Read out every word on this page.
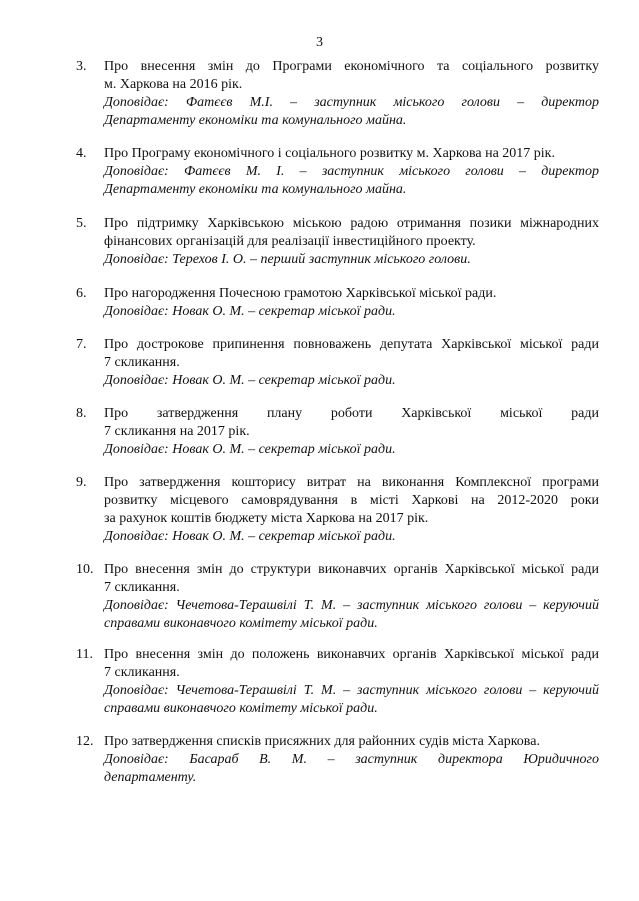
3
3.	Про внесення змін до Програми економічного та соціального розвитку
м. Харкова на 2016 рік.
Доповідає: Фатєєв М.І. – заступник міського голови – директор
Департаменту економіки та комунального майна.
4.	Про Програму економічного і соціального розвитку м. Харкова на 2017 рік.
Доповідає: Фатєєв М. І. – заступник міського голови – директор
Департаменту економіки та комунального майна.
5.	Про підтримку Харківською міською радою отримання позики міжнародних
фінансових організацій для реалізації інвестиційного проекту.
Доповідає: Терехов І. О. – перший заступник міського голови.
6.	Про нагородження Почесною грамотою Харківської міської ради.
Доповідає: Новак О. М. – секретар міської ради.
7.	Про дострокове припинення повноважень депутата Харківської міської ради
7 скликання.
Доповідає: Новак О. М. – секретар міської ради.
8.	Про затвердження плану роботи Харківської міської ради
7 скликання на 2017 рік.
Доповідає: Новак О. М. – секретар міської ради.
9.	Про затвердження кошторису витрат на виконання Комплексної програми
розвитку місцевого самоврядування в місті Харкові на 2012-2020 роки
за рахунок коштів бюджету міста Харкова на 2017 рік.
Доповідає: Новак О. М. – секретар міської ради.
10. Про внесення змін до структури виконавчих органів Харківської міської ради
7 скликання.
Доповідає: Чечетова-Терашвілі Т. М. – заступник міського голови – керуючий
справами виконавчого комітету міської ради.
11. Про внесення змін до положень виконавчих органів Харківської міської ради
7 скликання.
Доповідає: Чечетова-Терашвілі Т. М. – заступник міського голови – керуючий
справами виконавчого комітету міської ради.
12. Про затвердження списків присяжних для районних судів міста Харкова.
Доповідає: Басараб В. М. – заступник директора Юридичного
департаменту.
